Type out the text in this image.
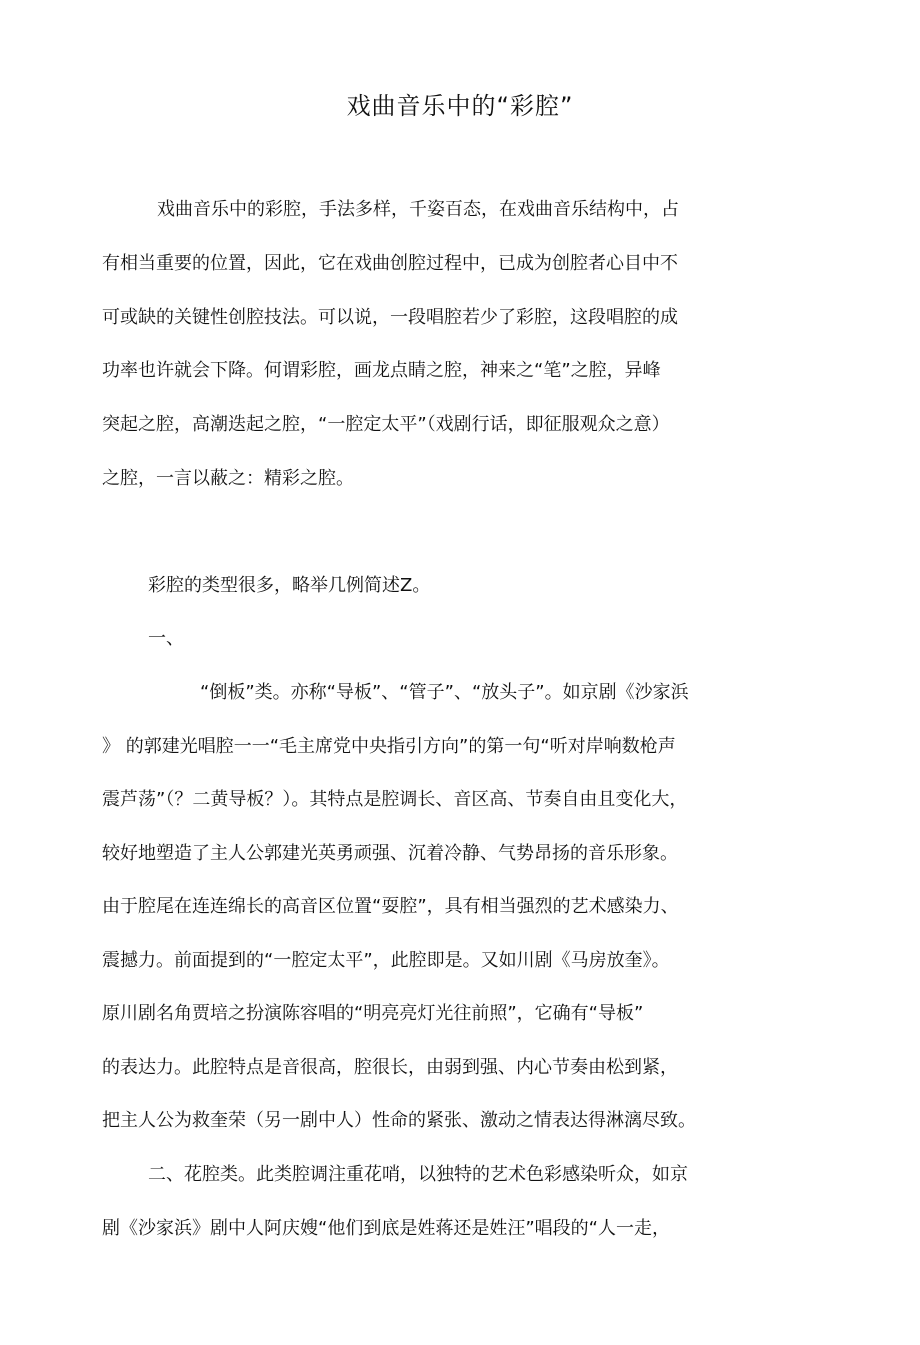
戏曲音乐中的“彩腔”
戏曲音乐中的彩腔，手法多样，千姿百态，在戏曲音乐结构中，占
有相当重要的位置，因此，它在戏曲创腔过程中，已成为创腔者心目中不
可或缺的关键性创腔技法。可以说，一段唱腔若少了彩腔，这段唱腔的成
功率也许就会下降。何谓彩腔，画龙点睛之腔，神来之“笔”之腔，异峰
突起之腔，高潮迭起之腔，“一腔定太平”（戏剧行话，即征服观众之意）
之腔，一言以蔽之：精彩之腔。
彩腔的类型很多，略举几例简述Z。
一、
“倒板”类。亦称“导板”、“管子”、“放头子”。如京剧《沙家浜
》 的郭建光唱腔一一“毛主席党中央指引方向”的第一句“听对岸响数枪声
震芦荡”（？二黄导板？）。其特点是腔调长、音区高、节奏自由且变化大，
较好地塑造了主人公郭建光英勇顽强、沉着冷静、气势昂扬的音乐形象。
由于腔尾在连连绵长的高音区位置“耍腔”，具有相当强烈的艺术感染力、
震撼力。前面提到的“一腔定太平”，此腔即是。又如川剧《马房放奎》。
原川剧名角贾培之扮演陈容唱的“明亮亮灯光往前照”，它确有“导板”
的表达力。此腔特点是音很高，腔很长，由弱到强、内心节奏由松到紧，
把主人公为救奎荣（另一剧中人）性命的紧张、激动之情表达得淋漓尽致。
二、花腔类。此类腔调注重花哨，以独特的艺术色彩感染听众，如京
剧《沙家浜》剧中人阿庆嫂“他们到底是姓蒋还是姓汪”唱段的“人一走，
